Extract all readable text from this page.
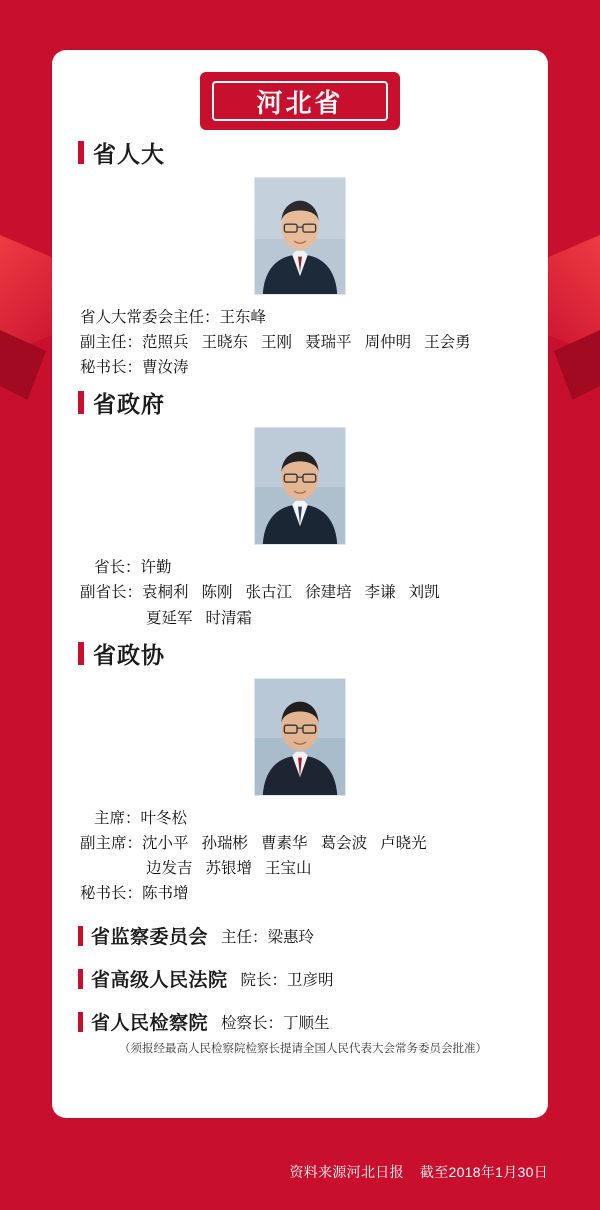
河北省
省人大
省人大常委会主任： 王东峰
副主任： 范照兵 王晓东 王刚 聂瑞平 周仲明 王会勇
秘书长： 曹汝涛
省政府
省长： 许勤
副省长： 袁桐利 陈刚 张古江 徐建培 李谦 刘凯
夏延军 时清霜
省政协
主席： 叶冬松
副主席： 沈小平 孙瑞彬 曹素华 葛会波 卢晓光
边发吉 苏银增 王宝山
秘书长： 陈书增
省监察委员会 主任：梁惠玲
省高级人民法院 院长：卫彦明
省人民检察院 检察长：丁顺生
（须报经最高人民检察院检察长提请全国人民代表大会常务委员会批准）
资料来源河北日报 截至2018年1月30日
